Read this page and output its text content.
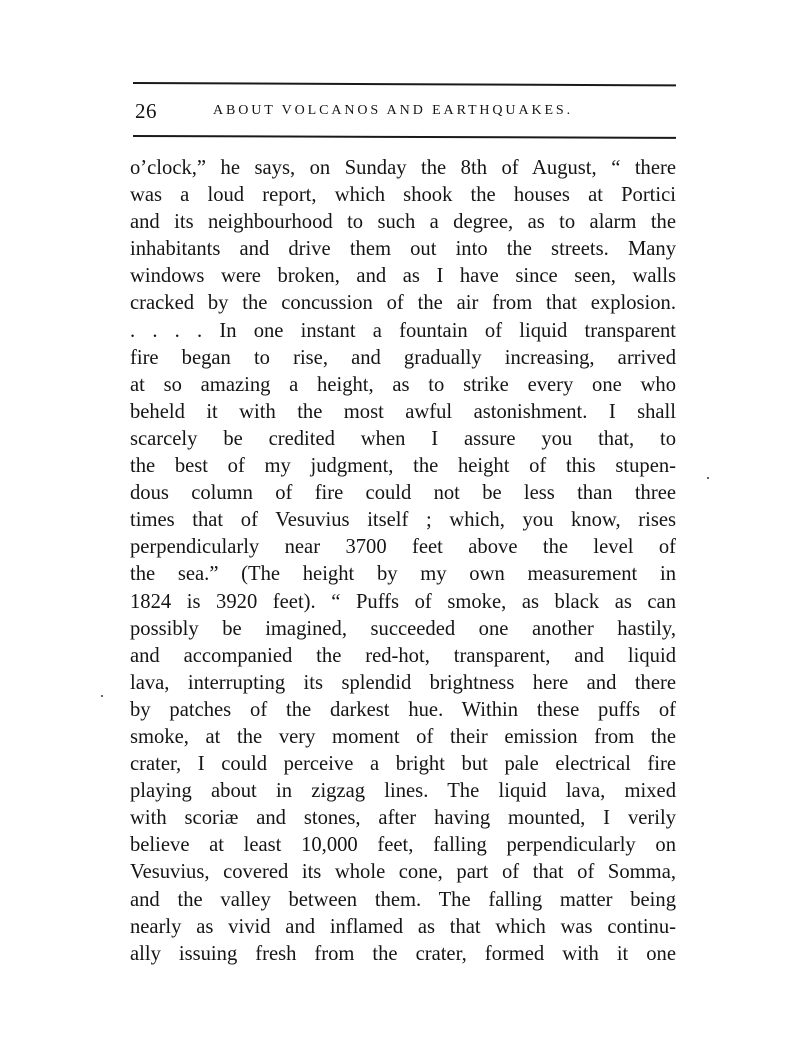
26	ABOUT VOLCANOS AND EARTHQUAKES.
o’clock,” he says, on Sunday the 8th of August, “ there
was a loud report, which shook the houses at Portici
and its neighbourhood to such a degree, as to alarm the
inhabitants and drive them out into the streets. Many
windows were broken, and as I have since seen, walls
cracked by the concussion of the air from that explosion.
. . . . In one instant a fountain of liquid transparent
fire began to rise, and gradually increasing, arrived
at so amazing a height, as to strike every one who
beheld it with the most awful astonishment. I shall
scarcely be credited when I assure you that, to
the best of my judgment, the height of this stupen-
dous column of fire could not be less than three
times that of Vesuvius itself ; which, you know, rises
perpendicularly near 3700 feet above the level of
the sea.” (The height by my own measurement in
1824 is 3920 feet). “ Puffs of smoke, as black as can
possibly be imagined, succeeded one another hastily,
and accompanied the red-hot, transparent, and liquid
lava, interrupting its splendid brightness here and there
by patches of the darkest hue. Within these puffs of
smoke, at the very moment of their emission from the
crater, I could perceive a bright but pale electrical fire
playing about in zigzag lines. The liquid lava, mixed
with scoriæ and stones, after having mounted, I verily
believe at least 10,000 feet, falling perpendicularly on
Vesuvius, covered its whole cone, part of that of Somma,
and the valley between them. The falling matter being
nearly as vivid and inflamed as that which was continu-
ally issuing fresh from the crater, formed with it one
